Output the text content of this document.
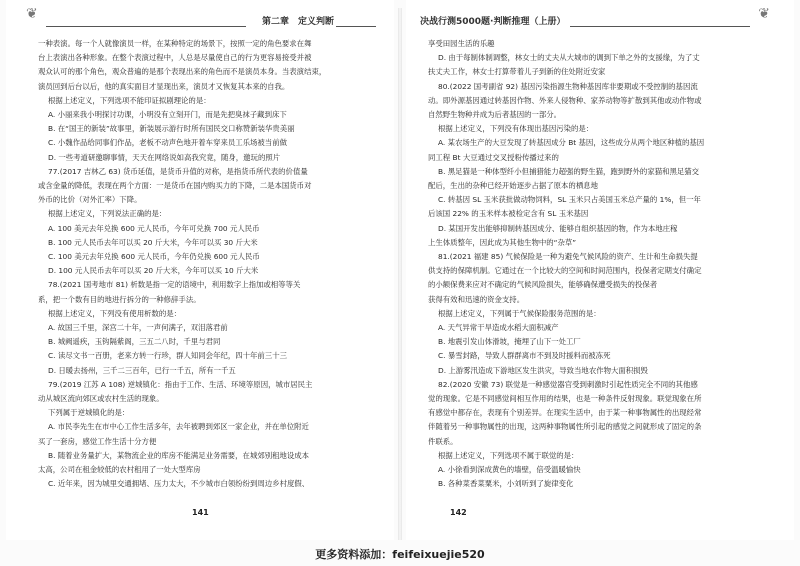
❦	第二章　定义判断

一种表演。每一个人就像演员一样，在某种特定的场景下，按照一定的角色要求在舞

台上表演出各种形象。在整个表演过程中，人总是尽量使自己的行为更容易接受并被

观众认可的那个角色，观众普遍的是那个表现出来的角色而不是演员本身。当表演结束，

演员回到后台以后，他的真实面目才显现出来，演员才又恢复其本来的自我。

根据上述定义，下列选项不能印证拟剧理论的是：

A. 小丽来我小明探讨功课，小明没有立刻开门，而是先把臭袜子藏到床下

B. 在“国王的新装”故事里，新装展示游行时所有国民交口称赞新装华贵美丽

C. 小魏作品给同事们作品，老板不动声色地开着车穿来员工乐场被当前做

D. 一些考道研邀聊事情，天天在网络说如高我究竟，随身，邀玩的照片

77.(2017 吉林乙 63) 货币延值，是货币升值的对称，是指货币所代表的价值量

或含金量的降低，表现在两个方面：一是货币在国内购买力的下降，二是本国货币对

外币的比价（对外汇率）下降。

根据上述定义，下列说法正确的是：

A. 100 美元去年兑换 600 元人民币，今年可兑换 700 元人民币

B. 100 元人民币去年可以买 20 斤大米，今年可以买 30 斤大米

C. 100 美元去年兑换 600 元人民币，今年仍兑换 600 元人民币

D. 100 元人民币去年可以买 20 斤大米，今年可以买 10 斤大米

78.(2021 国考地市 81) 析数是指一定的语境中，利用数字上指加或相等等关

系，把一个数有目的地进行拆分的一种修辞手法。

根据上述定义，下列没有使用析数的是：

A. 故国三千里，深宫二十年，一声何满子，双泪落君前

B. 城阙遥疾，玉钩隔紫阁，三五二八时，千里与君同

C. 读尽文书一百册，老来方转一行珍，群人知同会年纪，四十年前三十三

D. 日暖去扬州，三千二三百年，已行一千五，所有一千五

79.(2019 江苏 A 108) 逆城镇化：指由于工作、生活、环境等原因，城市居民主

动从城区流向郊区或农村生活的现象。

下列属于逆城镇化的是：

A. 市民李先生在市中心工作生活多年，去年被聘到郊区一家企业，并在单位附近

买了一套房，感觉工作生活十分方便

B. 随着业务量扩大，某物流企业的库房不能满足业务需要，在城郊别租地设成本

太高，公司在租金较低的农村租用了一处大型库房

C. 近年来，因为城里交通拥堵、压力太大，不少城市白领纷纷到周边乡村度假、

141
决战行测5000题·判断推理（上册）	❦

享受田园生活的乐趣

D. 由于每制体制调整，林女士的丈夫从大城市的调到下单之外的支援缘，为了丈

扶丈夫工作，林女士打算带着儿子到新的住处附近安家

80.(2022 国考副省 92) 基因污染指源生物种基因库非要期或不受控制的基因流

动。即外源基因通过转基因作物、外来人侵物种、家养动物等扩散到其他或动作物或

自然野生物种并成为后者基因的一部分。

根据上述定义，下列没有体现出基因污染的是：

A. 某农场生产的大豆发现了转基因成分 Bt 基因，这些成分从两个地区种植的基因

同工程 Bt 大豆通过交叉授粉传播过来的

B. 黑足猫是一种体型纤小但捕猎能力超强的野生猫，跑到野外的家猫和黑足猫交

配后，生出的杂种已经开始逐步占据了原本的栖息地

C. 转基因 SL 玉米获批做动物饲料，SL 玉米只占美国玉米总产量的 1%，但一年

后该国 22% 的玉米样本被检定含有 SL 玉米基因

D. 某国开发出能够抑制转基因成分、能够自组织基因的物，作为本地庄稼

上生体质整年，因此成为其他生物中的“杂草”

81.(2021 福建 85) 气候保险是一种为避免气候风险的资产、生计和生命损失提

供支持的保障机制。它通过在一个比较大的空间和时间范围内，投保者定期支付确定

的小额保费来应对不确定的气候风险损失，能够确保遭受损失的投保者

获得有效和迅速的资金支持。

根据上述定义，下列属于气候保险服务范围的是：

A. 天气异常干旱造成水稻大面积减产

B. 地震引发山体滑坡，掩埋了山下一处工厂

C. 暴雪封路，导致人群群离市不到及时援料而被冻死

D. 上游雾汛造成下游地区发生洪灾，导致当地农作物大面积损毁

82.(2020 安徽 73) 联觉是一种感觉器官受到刺激时引起性质完全不同的其他感

觉的现象。它是不同感觉间相互作用的结果，也是一种条件反射现象。联觉现象在所

有感觉中都存在，表现有个别差异。在现实生活中，由于某一种事物属性的出现经常

伴随着另一种事物属性的出现，这两种事物属性所引起的感觉之间就形成了固定的条

件联系。

根据上述定义，下列选项不属于联觉的是：

A. 小徐看到深成黄色的墙壁，倍受温暖愉快

B. 各种菜香菜粟米，小刘听到了旋律变化

142
更多资料添加：feifeixuejie520
